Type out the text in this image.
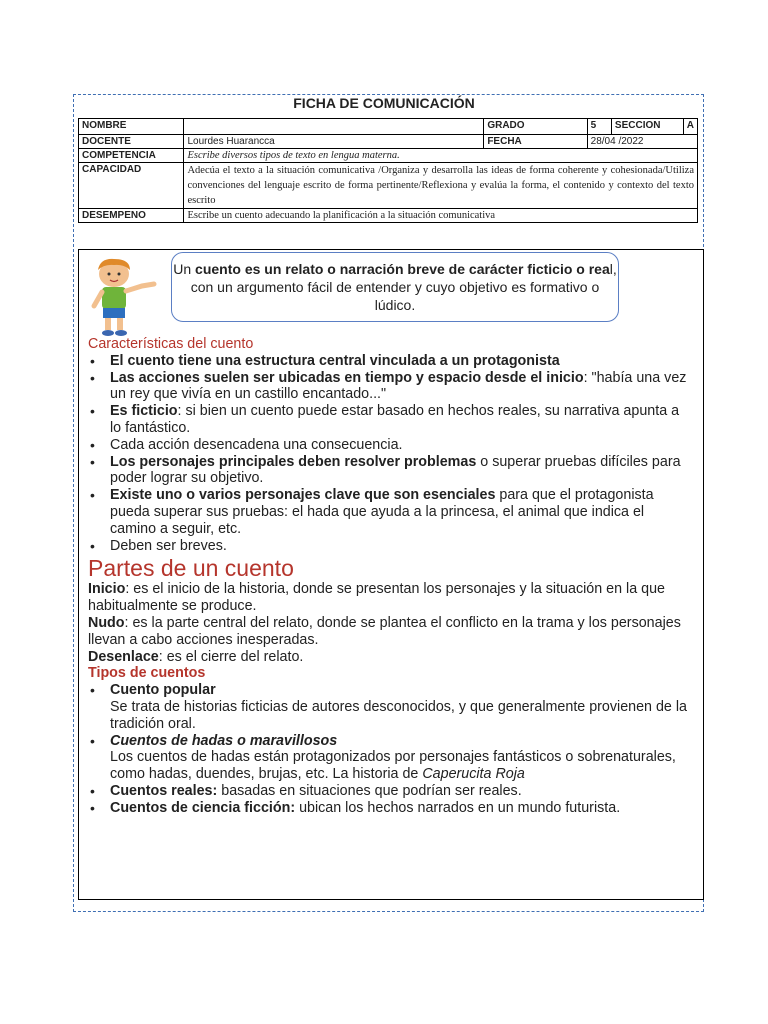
FICHA DE COMUNICACIÓN
NOMBRE		GRADO	5	SECCION	A
DOCENTE	Lourdes Huarancca	FECHA	28/04 /2022		
COMPETENCIA	Escribe diversos tipos de texto en lengua materna.				
CAPACIDAD	Adecúa el texto a la situación comunicativa /Organiza y desarrolla las ideas de forma coherente y cohesionada/Utiliza convenciones del lenguaje escrito de forma pertinente/Reflexiona y evalúa la forma, el contenido y contexto del texto escrito				
DESEMPENO	Escribe un cuento adecuando la planificación a la situación comunicativa				
Un cuento es un relato o narración breve de carácter ficticio o real, con un argumento fácil de entender y cuyo objetivo es formativo o lúdico.

Características del cuento

• El cuento tiene una estructura central vinculada a un protagonista
• Las acciones suelen ser ubicadas en tiempo y espacio desde el inicio: "había una vez un rey que vivía en un castillo encantado..."
• Es ficticio: si bien un cuento puede estar basado en hechos reales, su narrativa apunta a lo fantástico.
• Cada acción desencadena una consecuencia.
• Los personajes principales deben resolver problemas o superar pruebas difíciles para poder lograr su objetivo.
• Existe uno o varios personajes clave que son esenciales para que el protagonista pueda superar sus pruebas: el hada que ayuda a la princesa, el animal que indica el camino a seguir, etc.
• Deben ser breves.

Partes de un cuento

Inicio: es el inicio de la historia, donde se presentan los personajes y la situación en la que habitualmente se produce.

Nudo: es la parte central del relato, donde se plantea el conflicto en la trama y los personajes llevan a cabo acciones inesperadas.

Desenlace: es el cierre del relato.

Tipos de cuentos

• Cuento popular

Se trata de historias ficticias de autores desconocidos, y que generalmente provienen de la tradición oral.

• Cuentos de hadas o maravillosos

Los cuentos de hadas están protagonizados por personajes fantásticos o sobrenaturales, como hadas, duendes, brujas, etc. La historia de Caperucita Roja

• Cuentos reales: basadas en situaciones que podrían ser reales.
• Cuentos de ciencia ficción: ubican los hechos narrados en un mundo futurista.
